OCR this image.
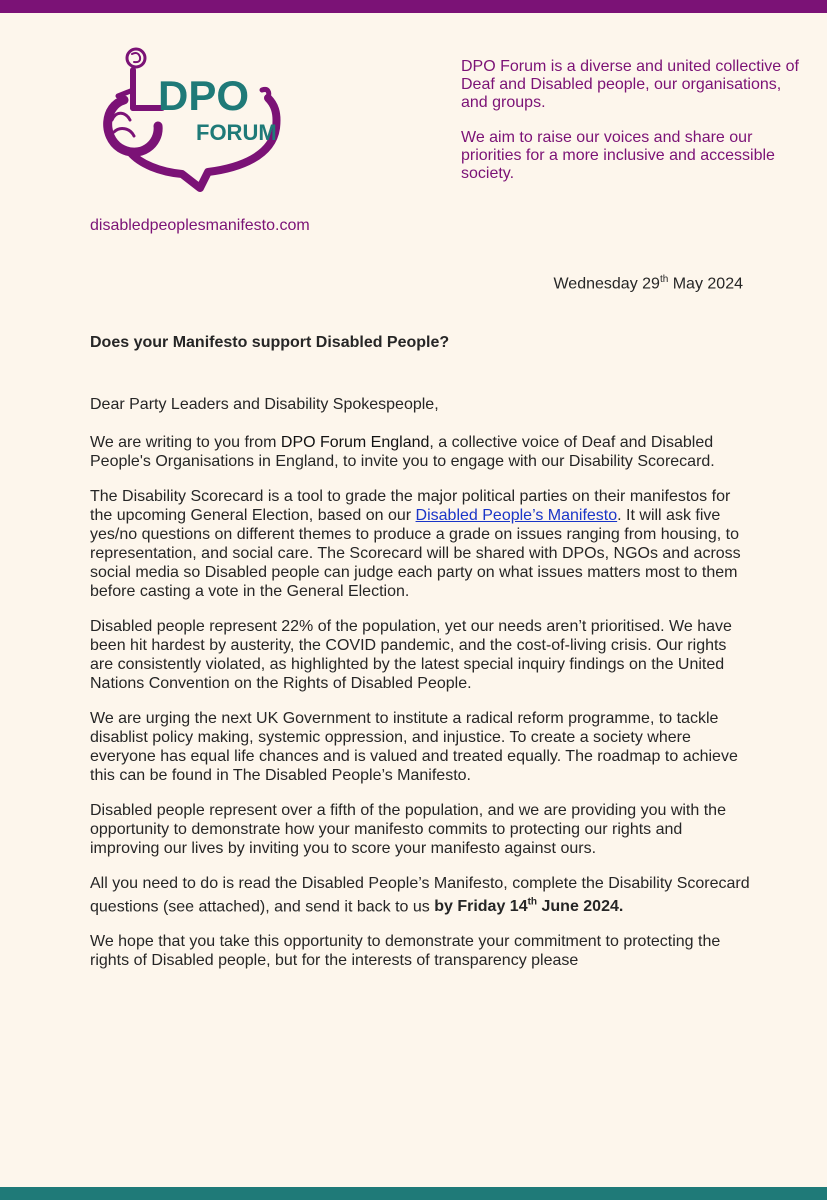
DPO
FORUM
disabledpeoplesmanifesto.com

DPO Forum is a diverse and united collective of Deaf and Disabled people, our organisations, and groups.

We aim to raise our voices and share our priorities for a more inclusive and accessible society.

Wednesday 29th May 2024
Does your Manifesto support Disabled People?

Dear Party Leaders and Disability Spokespeople,

We are writing to you from DPO Forum England, a collective voice of Deaf and Disabled People's Organisations in England, to invite you to engage with our Disability Scorecard.

The Disability Scorecard is a tool to grade the major political parties on their manifestos for the upcoming General Election, based on our Disabled People’s Manifesto. It will ask five yes/no questions on different themes to produce a grade on issues ranging from housing, to representation, and social care. The Scorecard will be shared with DPOs, NGOs and across social media so Disabled people can judge each party on what issues matters most to them before casting a vote in the General Election.

Disabled people represent 22% of the population, yet our needs aren’t prioritised. We have been hit hardest by austerity, the COVID pandemic, and the cost-of-living crisis. Our rights are consistently violated, as highlighted by the latest special inquiry findings on the United Nations Convention on the Rights of Disabled People.

We are urging the next UK Government to institute a radical reform programme, to tackle disablist policy making, systemic oppression, and injustice. To create a society where everyone has equal life chances and is valued and treated equally. The roadmap to achieve this can be found in The Disabled People’s Manifesto.

Disabled people represent over a fifth of the population, and we are providing you with the opportunity to demonstrate how your manifesto commits to protecting our rights and improving our lives by inviting you to score your manifesto against ours.

All you need to do is read the Disabled People’s Manifesto, complete the Disability Scorecard questions (see attached), and send it back to us by Friday 14th June 2024.

We hope that you take this opportunity to demonstrate your commitment to protecting the rights of Disabled people, but for the interests of transparency please
